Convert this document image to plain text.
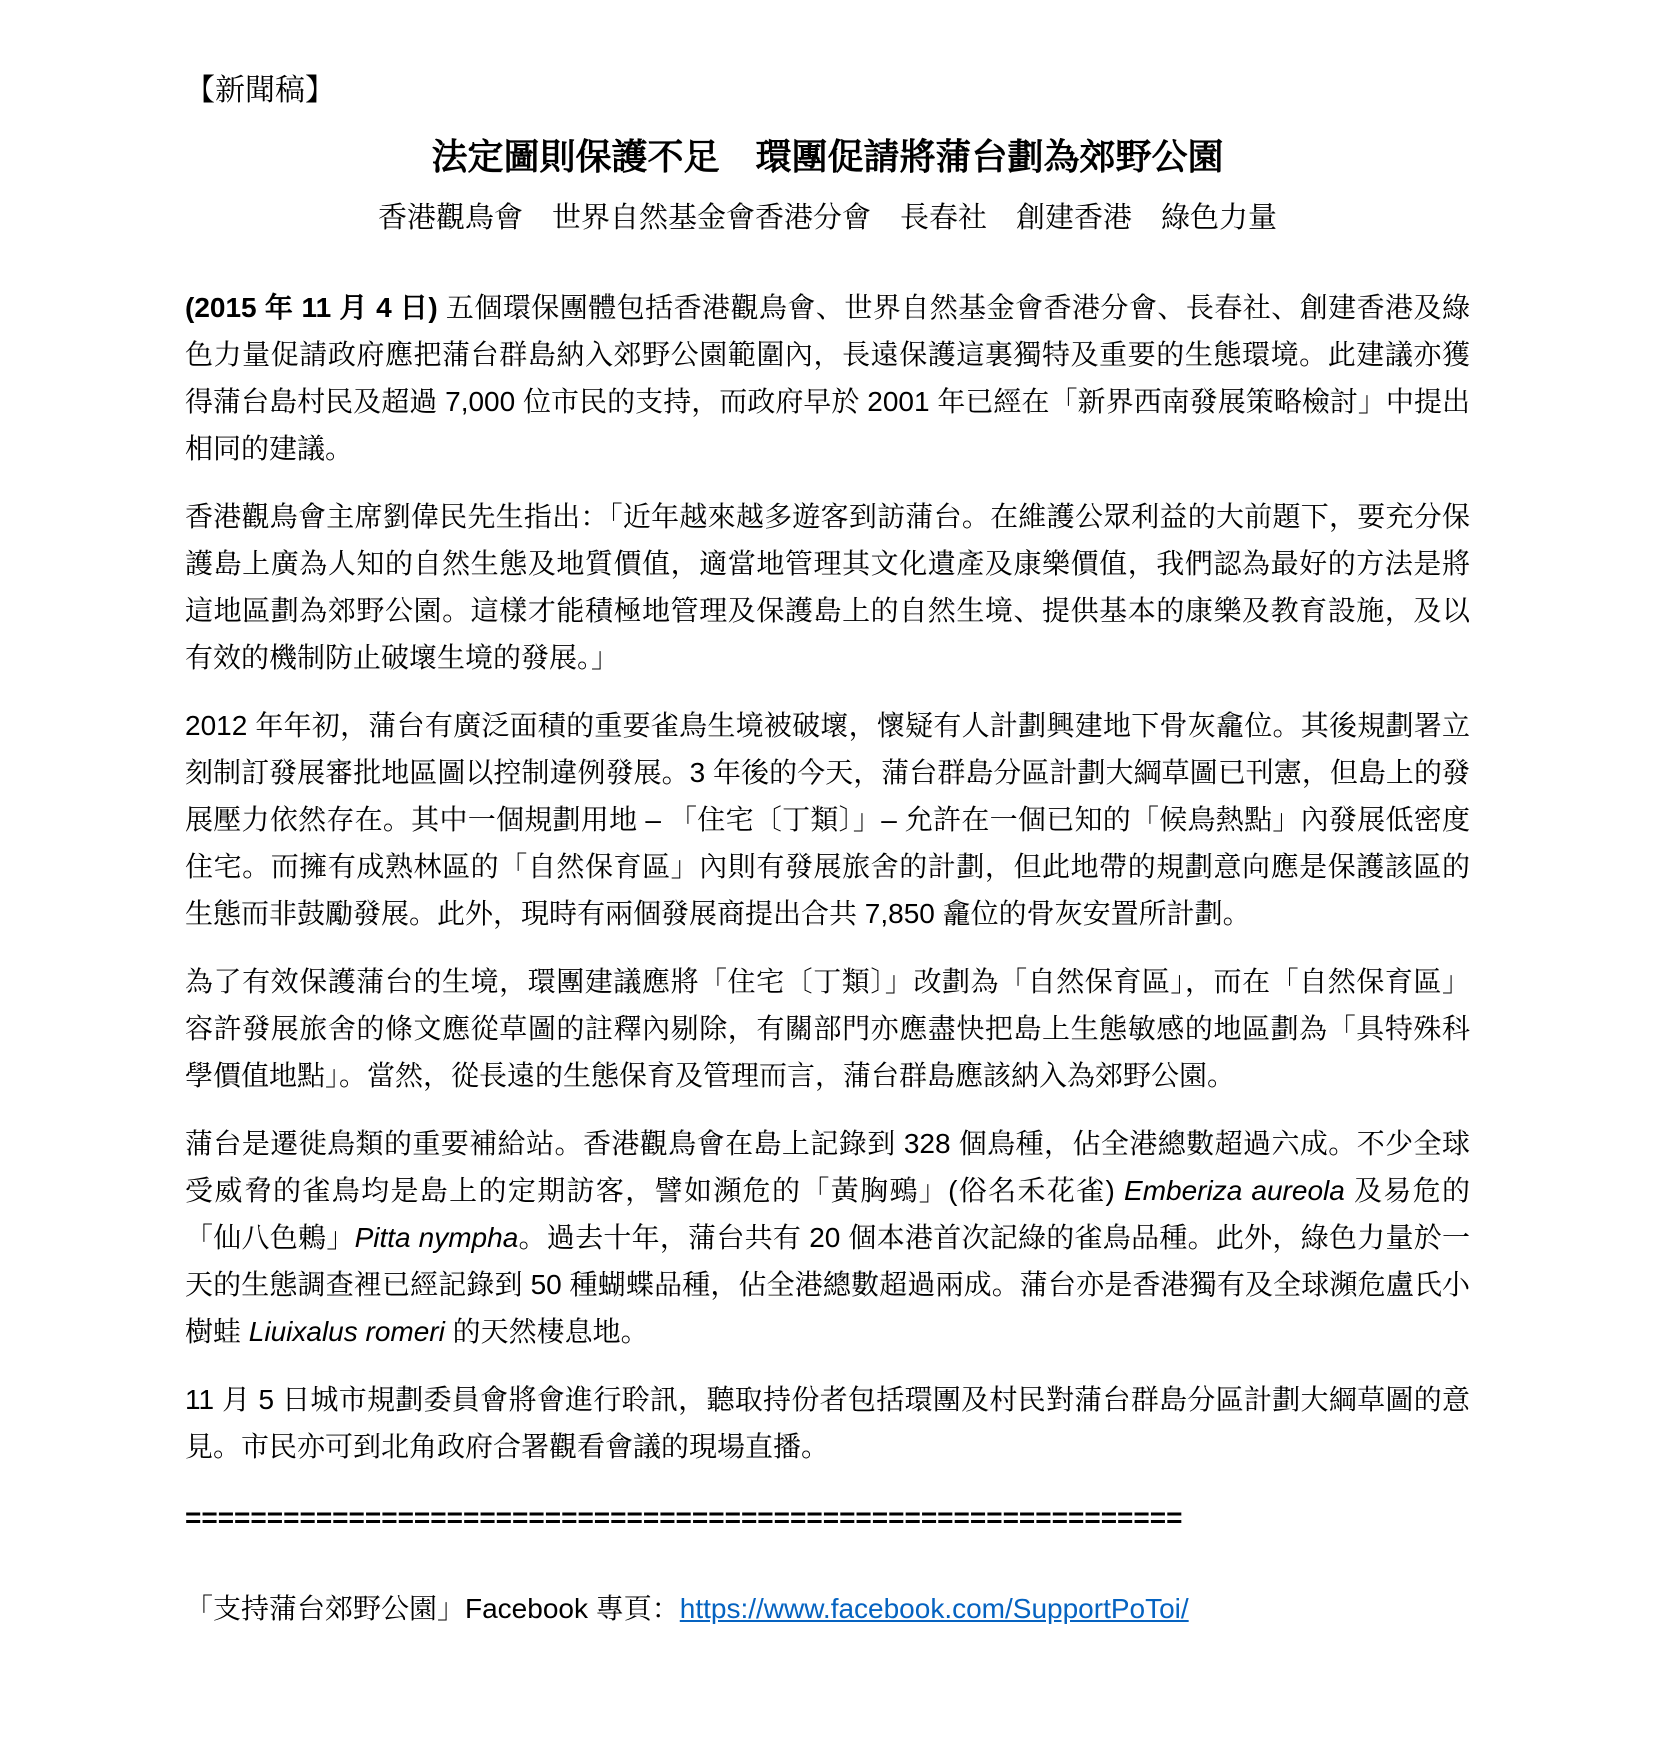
【新聞稿】
法定圖則保護不足　環團促請將蒲台劃為郊野公園
香港觀鳥會　世界自然基金會香港分會　長春社　創建香港　綠色力量

(2015 年 11 月 4 日) 五個環保團體包括香港觀鳥會、世界自然基金會香港分會、長春社、創建香港及綠色力量促請政府應把蒲台群島納入郊野公園範圍內，長遠保護這裏獨特及重要的生態環境。此建議亦獲得蒲台島村民及超過 7,000 位市民的支持，而政府早於 2001 年已經在「新界西南發展策略檢討」中提出相同的建議。

香港觀鳥會主席劉偉民先生指出：「近年越來越多遊客到訪蒲台。在維護公眾利益的大前題下，要充分保護島上廣為人知的自然生態及地質價值，適當地管理其文化遺產及康樂價值，我們認為最好的方法是將這地區劃為郊野公園。這樣才能積極地管理及保護島上的自然生境、提供基本的康樂及教育設施，及以有效的機制防止破壞生境的發展。」

2012 年年初，蒲台有廣泛面積的重要雀鳥生境被破壞，懷疑有人計劃興建地下骨灰龕位。其後規劃署立刻制訂發展審批地區圖以控制違例發展。3 年後的今天，蒲台群島分區計劃大綱草圖已刊憲，但島上的發展壓力依然存在。其中一個規劃用地 – 「住宅〔丁類〕」– 允許在一個已知的「候鳥熱點」內發展低密度住宅。而擁有成熟林區的「自然保育區」內則有發展旅舍的計劃，但此地帶的規劃意向應是保護該區的生態而非鼓勵發展。此外，現時有兩個發展商提出合共 7,850 龕位的骨灰安置所計劃。

為了有效保護蒲台的生境，環團建議應將「住宅〔丁類〕」改劃為「自然保育區」，而在「自然保育區」容許發展旅舍的條文應從草圖的註釋內剔除，有關部門亦應盡快把島上生態敏感的地區劃為「具特殊科學價值地點」。當然，從長遠的生態保育及管理而言，蒲台群島應該納入為郊野公園。

蒲台是遷徙鳥類的重要補給站。香港觀鳥會在島上記錄到 328 個鳥種，佔全港總數超過六成。不少全球受威脅的雀鳥均是島上的定期訪客，譬如瀕危的「黃胸鵐」(俗名禾花雀) Emberiza aureola 及易危的「仙八色鶇」Pitta nympha。過去十年，蒲台共有 20 個本港首次記綠的雀鳥品種。此外，綠色力量於一天的生態調查裡已經記錄到 50 種蝴蝶品種，佔全港總數超過兩成。蒲台亦是香港獨有及全球瀕危盧氏小樹蛙 Liuixalus romeri 的天然棲息地。

11 月 5 日城市規劃委員會將會進行聆訊，聽取持份者包括環團及村民對蒲台群島分區計劃大綱草圖的意見。市民亦可到北角政府合署觀看會議的現場直播。

=============================================================
「支持蒲台郊野公園」Facebook 專頁：https://www.facebook.com/SupportPoToi/
